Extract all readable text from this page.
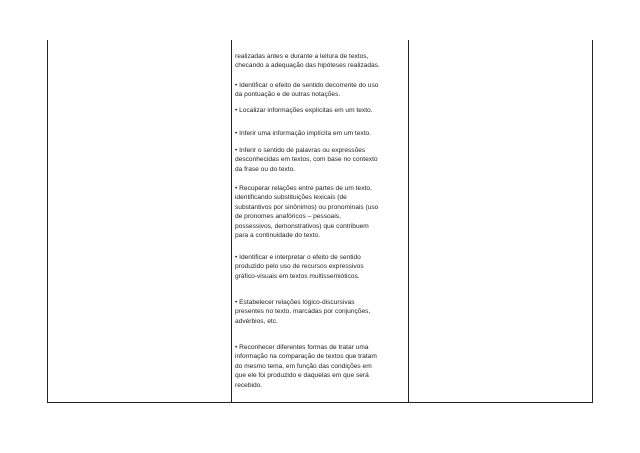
realizadas antes e durante a leitura de textos,
checando a adequação das hipóteses realizadas.
• Identificar o efeito de sentido decorrente do uso
da pontuação e de outras notações.
• Localizar informações explícitas em um texto.
• Inferir uma informação implícita em um texto.
• Inferir o sentido de palavras ou expressões
desconhecidas em textos, com base no contexto
da frase ou do texto.
• Recuperar relações entre partes de um texto,
identificando substituições lexicais (de
substantivos por sinônimos) ou pronominais (uso
de pronomes anafóricos – pessoais,
possessivos, demonstrativos) que contribuem
para a continuidade do texto.
• Identificar e interpretar o efeito de sentido
produzido pelo uso de recursos expressivos
gráfico-visuais em textos multissemióticos.
• Estabelecer relações lógico-discursivas
presentes no texto, marcadas por conjunções,
advérbios, etc.
• Reconhecer diferentes formas de tratar uma
informação na comparação de textos que tratam
do mesmo tema, em função das condições em
que ele foi produzido e daquelas em que será
recebido.
